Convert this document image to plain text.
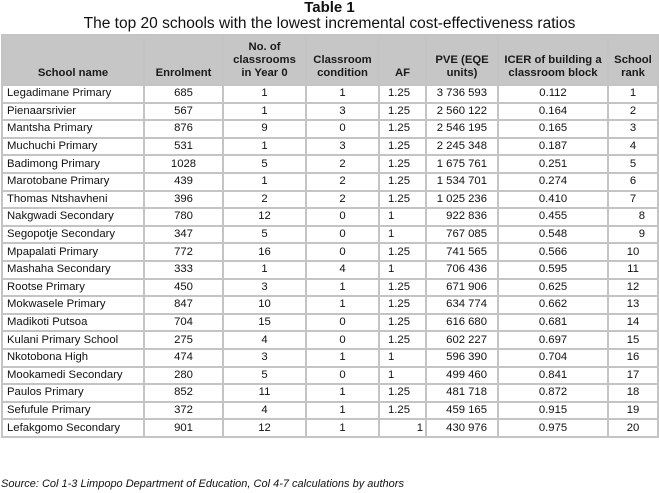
Table 1
The top 20 schools with the lowest incremental cost-effectiveness ratios
School name	Enrolment	No. of classrooms in Year 0	Classroom condition	AF	PVE (EQE units)	ICER of building a classroom block	School rank
Legadimane Primary	685	1	1	1.25	3 736 593	0.112	1
Pienaarsrivier	567	1	3	1.25	2 560 122	0.164	2
Mantsha Primary	876	9	0	1.25	2 546 195	0.165	3
Muchuchi Primary	531	1	3	1.25	2 245 348	0.187	4
Badimong Primary	1028	5	2	1.25	1 675 761	0.251	5
Marotobane Primary	439	1	2	1.25	1 534 701	0.274	6
Thomas Ntshavheni	396	2	2	1.25	1 025 236	0.410	7
Nakgwadi Secondary	780	12	0	1	922 836	0.455	8
Segopotje Secondary	347	5	0	1	767 085	0.548	9
Mpapalati Primary	772	16	0	1.25	741 565	0.566	10
Mashaha Secondary	333	1	4	1	706 436	0.595	11
Rootse Primary	450	3	1	1.25	671 906	0.625	12
Mokwasele Primary	847	10	1	1.25	634 774	0.662	13
Madikoti Putsoa	704	15	0	1.25	616 680	0.681	14
Kulani Primary School	275	4	0	1.25	602 227	0.697	15
Nkotobona High	474	3	1	1	596 390	0.704	16
Mookamedi Secondary	280	5	0	1	499 460	0.841	17
Paulos Primary	852	11	1	1.25	481 718	0.872	18
Sefufule Primary	372	4	1	1.25	459 165	0.915	19
Lefakgomo Secondary	901	12	1	1	430 976	0.975	20
Source: Col 1-3 Limpopo Department of Education, Col 4-7 calculations by authors
